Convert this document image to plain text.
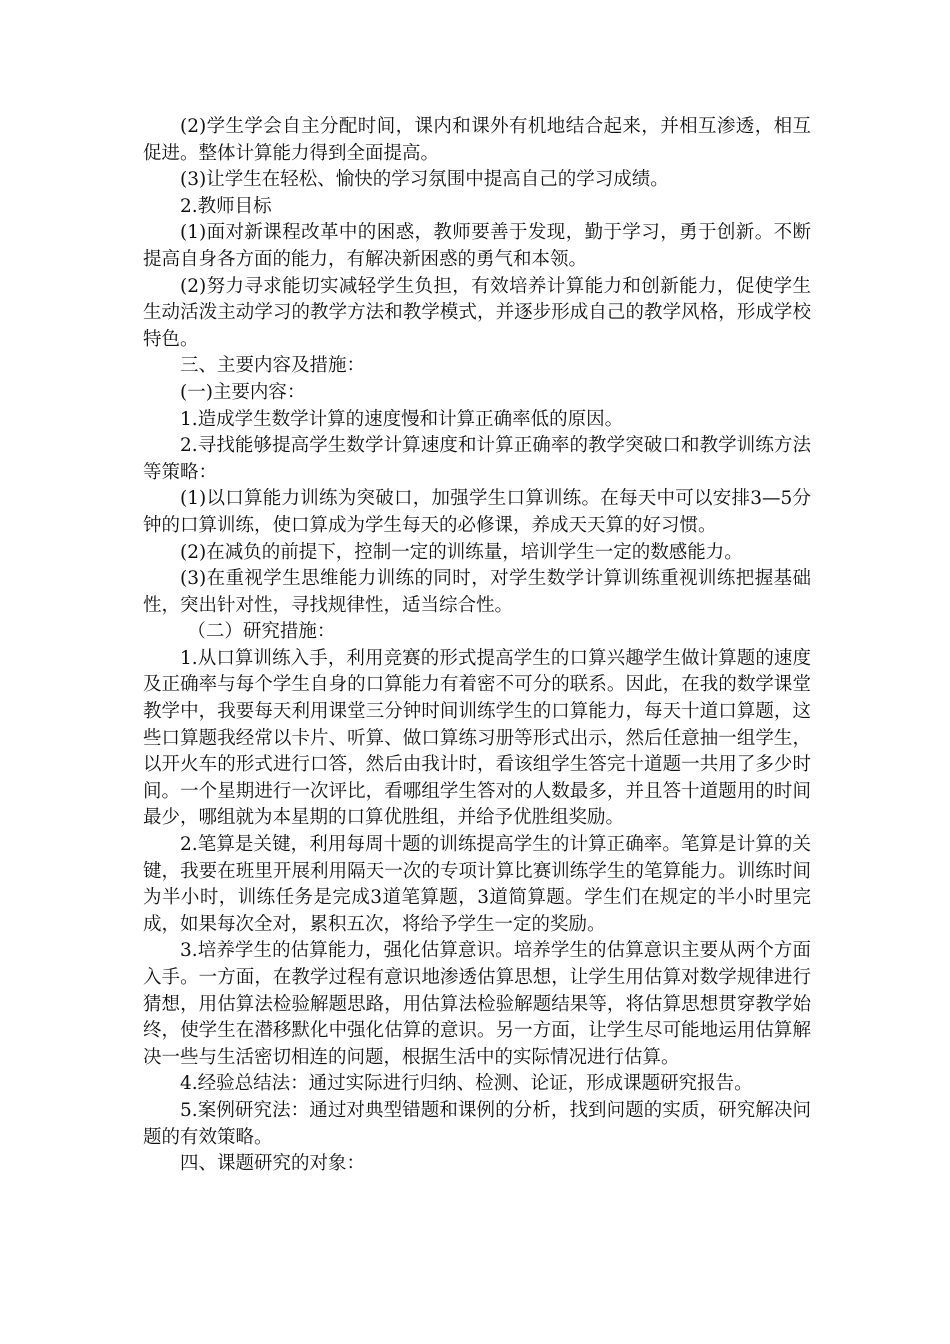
(2)学生学会自主分配时间，课内和课外有机地结合起来，并相互渗透，相互促进。整体计算能力得到全面提高。

(3)让学生在轻松、愉快的学习氛围中提高自己的学习成绩。

2.教师目标

(1)面对新课程改革中的困惑，教师要善于发现，勤于学习，勇于创新。不断提高自身各方面的能力，有解决新困惑的勇气和本领。

(2)努力寻求能切实减轻学生负担，有效培养计算能力和创新能力，促使学生生动活泼主动学习的教学方法和教学模式，并逐步形成自己的教学风格，形成学校特色。

三、主要内容及措施：

(一)主要内容：

1.造成学生数学计算的速度慢和计算正确率低的原因。

2.寻找能够提高学生数学计算速度和计算正确率的教学突破口和教学训练方法等策略：

(1)以口算能力训练为突破口，加强学生口算训练。在每天中可以安排3—5分钟的口算训练，使口算成为学生每天的必修课，养成天天算的好习惯。

(2)在减负的前提下，控制一定的训练量，培训学生一定的数感能力。

(3)在重视学生思维能力训练的同时，对学生数学计算训练重视训练把握基础性，突出针对性，寻找规律性，适当综合性。

（二）研究措施：

1.从口算训练入手，利用竞赛的形式提高学生的口算兴趣学生做计算题的速度及正确率与每个学生自身的口算能力有着密不可分的联系。因此，在我的数学课堂教学中，我要每天利用课堂三分钟时间训练学生的口算能力，每天十道口算题，这些口算题我经常以卡片、听算、做口算练习册等形式出示，然后任意抽一组学生，以开火车的形式进行口答，然后由我计时，看该组学生答完十道题一共用了多少时间。一个星期进行一次评比，看哪组学生答对的人数最多，并且答十道题用的时间最少，哪组就为本星期的口算优胜组，并给予优胜组奖励。

2.笔算是关键，利用每周十题的训练提高学生的计算正确率。笔算是计算的关键，我要在班里开展利用隔天一次的专项计算比赛训练学生的笔算能力。训练时间为半小时，训练任务是完成3道笔算题，3道简算题。学生们在规定的半小时里完成，如果每次全对，累积五次，将给予学生一定的奖励。

3.培养学生的估算能力，强化估算意识。培养学生的估算意识主要从两个方面入手。一方面，在教学过程有意识地渗透估算思想，让学生用估算对数学规律进行猜想，用估算法检验解题思路，用估算法检验解题结果等，将估算思想贯穿教学始终，使学生在潜移默化中强化估算的意识。另一方面，让学生尽可能地运用估算解决一些与生活密切相连的问题，根据生活中的实际情况进行估算。

4.经验总结法：通过实际进行归纳、检测、论证，形成课题研究报告。

5.案例研究法：通过对典型错题和课例的分析，找到问题的实质，研究解决问题的有效策略。

四、课题研究的对象：
